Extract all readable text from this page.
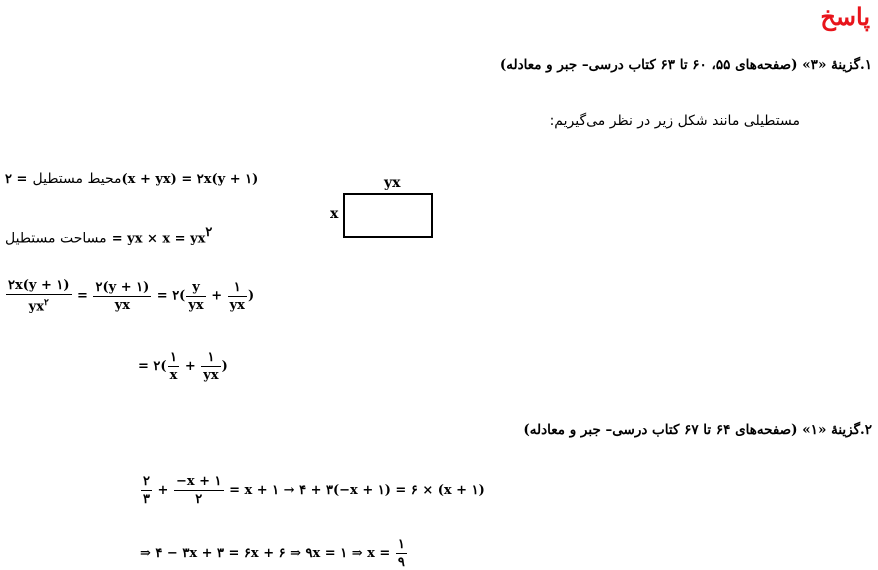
پاسخ
۱.گزینۀ «۳» (صفحه‌های ۵۵، ۶۰ تا ۶۳ کتاب درسی– جبر و معادله)
مستطیلی مانند شکل زیر در نظر می‌گیریم:
yx
x
محیط مستطیل = ۲(x + yx) = ۲x(y + ۱)
مساحت مستطیل = yx × $x = yx^۲$
$\frac{۲x(y + ۱)}{yx^۲} = \frac{۲(y + ۱)}{yx}$ = ۲( $\frac{y}{yx} + \frac{۱}{yx}$ )
= ۲( $\frac{۱}{x} + \frac{۱}{yx}$ )
۲.گزینۀ «۱» (صفحه‌های ۶۴ تا ۶۷ کتاب درسی– جبر و معادله)
$\frac{۲}{۳} + \frac{-x + ۱}{۲} = x$ + ۱ → ۴ + ۳(−x + ۱) = ۶ × (x + ۱)
⇒ ۴ − ۳x + ۳ = ۶x + ۶ ⇒ ۹x = ۱ ⇒ $x = \frac{۱}{۹}$
